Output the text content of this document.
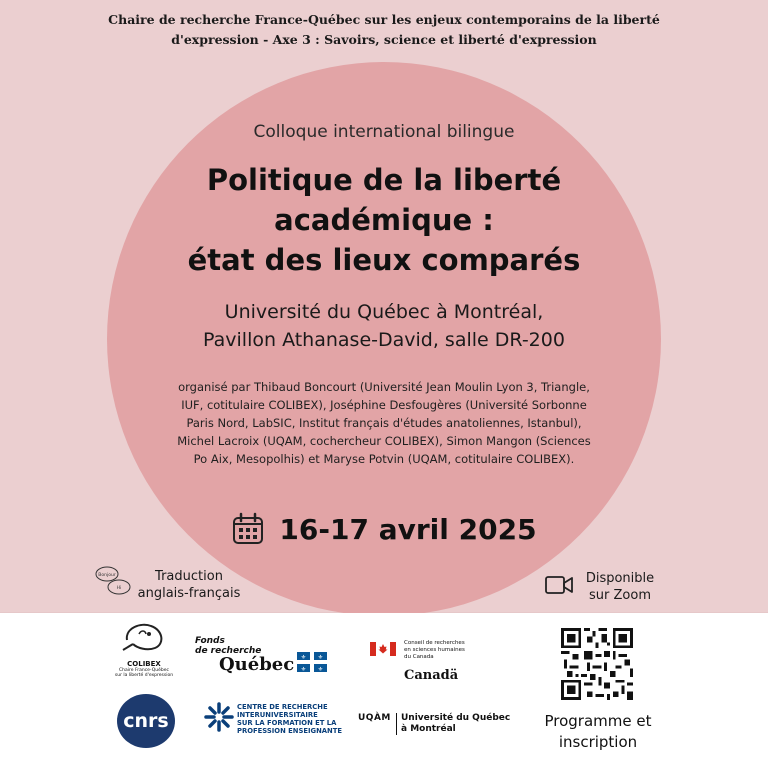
Chaire de recherche France-Québec sur les enjeux contemporains de la liberté
d'expression - Axe 3 : Savoirs, science et liberté d'expression
Colloque international bilingue
Politique de la liberté
académique :
état des lieux comparés
Université du Québec à Montréal,
Pavillon Athanase-David, salle DR-200
organisé par Thibaud Boncourt (Université Jean Moulin Lyon 3, Triangle, IUF, cotitulaire COLIBEX), Joséphine Desfougères (Université Sorbonne Paris Nord, LabSIC, Institut français d'études anatoliennes, Istanbul), Michel Lacroix (UQAM, cochercheur COLIBEX), Simon Mangon (Sciences Po Aix, Mesopolhis) et Maryse Potvin (UQAM, cotitulaire COLIBEX).
16-17 avril 2025
Bonjour
Hi
Traduction
anglais-français
Disponible
sur Zoom
COLIBEX
Chaire France-Québec
sur la liberté d'expression
Fonds
de recherche
Québec ⚜ ⚜
⚜ ⚜
Conseil de recherches
en sciences humaines
du Canada
Canadä
Programme et
inscription
cnrs
CENTRE DE RECHERCHE
INTERUNIVERSITAIRE
SUR LA FORMATION ET LA
PROFESSION ENSEIGNANTE
UQÀM Université du Québec
à Montréal
